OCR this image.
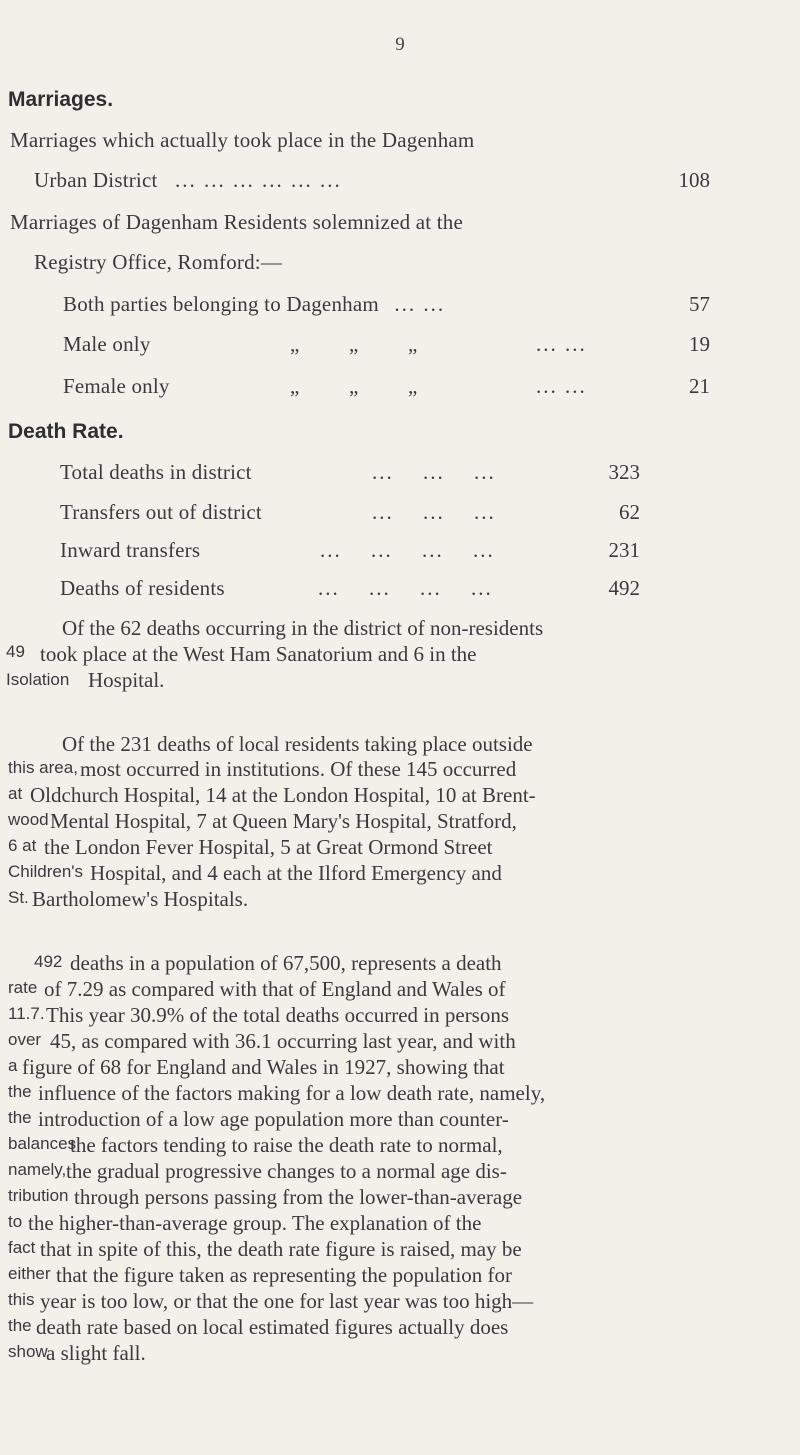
9
Marriages.
Marriages which actually took place in the Dagenham
Urban District ... ... ... ... ... ...	108
Marriages of Dagenham Residents solemnized at the
Registry Office, Romford:—
Both parties belonging to Dagenham ... ...	57
Male only	„ „ „	... ...	19
Female only	„ „ „	... ...	21
Death Rate.
Total deaths in district	... ... ...	323
Transfers out of district	... ... ...	62
Inward transfers	... ... ... ...	231
Deaths of residents	... ... ... ...	492
Of the 62 deaths occurring in the district of non-residents
49 took place at the West Ham Sanatorium and 6 in the
Isolation Hospital.
Of the 231 deaths of local residents taking place outside
this area, most occurred in institutions. Of these 145 occurred
at Oldchurch Hospital, 14 at the London Hospital, 10 at Brent-
wood Mental Hospital, 7 at Queen Mary's Hospital, Stratford,
6 at the London Fever Hospital, 5 at Great Ormond Street
Children's Hospital, and 4 each at the Ilford Emergency and
St. Bartholomew's Hospitals.
492 deaths in a population of 67,500, represents a death
rate of 7.29 as compared with that of England and Wales of
11.7. This year 30.9% of the total deaths occurred in persons
over 45, as compared with 36.1 occurring last year, and with
a figure of 68 for England and Wales in 1927, showing that
the influence of the factors making for a low death rate, namely,
the introduction of a low age population more than counter-
balances
the factors tending to raise the death rate to normal,
namely, the gradual progressive changes to a normal age dis-
tribution through persons passing from the lower-than-average
to the higher-than-average group. The explanation of the
fact that in spite of this, the death rate figure is raised, may be
either that the figure taken as representing the population for
this year is too low, or that the one for last year was too high—
the death rate based on local estimated figures actually does
show
a slight fall.
